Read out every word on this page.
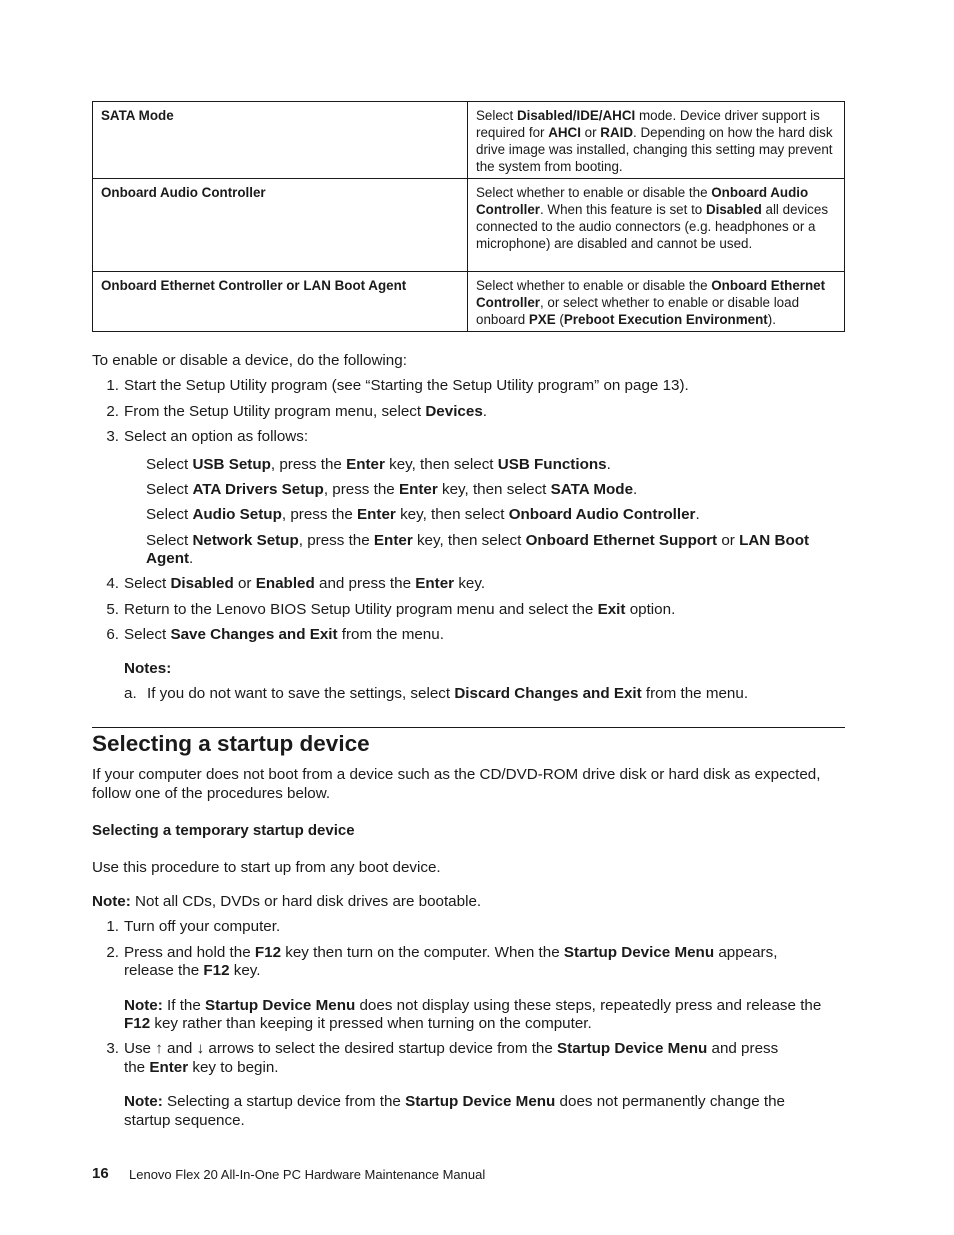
SATA Mode	Select Disabled/IDE/AHCI mode. Device driver support is required for AHCI or RAID. Depending on how the hard disk drive image was installed, changing this setting may prevent the system from booting.
Onboard Audio Controller	Select whether to enable or disable the Onboard Audio Controller. When this feature is set to Disabled all devices connected to the audio connectors (e.g. headphones or a microphone) are disabled and cannot be used.
Onboard Ethernet Controller or LAN Boot Agent	Select whether to enable or disable the Onboard Ethernet Controller, or select whether to enable or disable load onboard PXE (Preboot Execution Environment).
To enable or disable a device, do the following:
1. Start the Setup Utility program (see “Starting the Setup Utility program” on page 13).
2. From the Setup Utility program menu, select Devices.
3. Select an option as follows:
Select USB Setup, press the Enter key, then select USB Functions.
Select ATA Drivers Setup, press the Enter key, then select SATA Mode.
Select Audio Setup, press the Enter key, then select Onboard Audio Controller.
Select Network Setup, press the Enter key, then select Onboard Ethernet Support or LAN Boot
Agent.
4. Select Disabled or Enabled and press the Enter key.
5. Return to the Lenovo BIOS Setup Utility program menu and select the Exit option.
6. Select Save Changes and Exit from the menu.
Notes:
a. If you do not want to save the settings, select Discard Changes and Exit from the menu.
Selecting a startup device
If your computer does not boot from a device such as the CD/DVD-ROM drive disk or hard disk as expected,
follow one of the procedures below.
Selecting a temporary startup device
Use this procedure to start up from any boot device.
Note: Not all CDs, DVDs or hard disk drives are bootable.
1. Turn off your computer.
2. Press and hold the F12 key then turn on the computer. When the Startup Device Menu appears,
release the F12 key.
Note: If the Startup Device Menu does not display using these steps, repeatedly press and release the
F12 key rather than keeping it pressed when turning on the computer.
3. Use ↑ and ↓ arrows to select the desired startup device from the Startup Device Menu and press
the Enter key to begin.
Note: Selecting a startup device from the Startup Device Menu does not permanently change the
startup sequence.
16 Lenovo Flex 20 All-In-One PC Hardware Maintenance Manual
